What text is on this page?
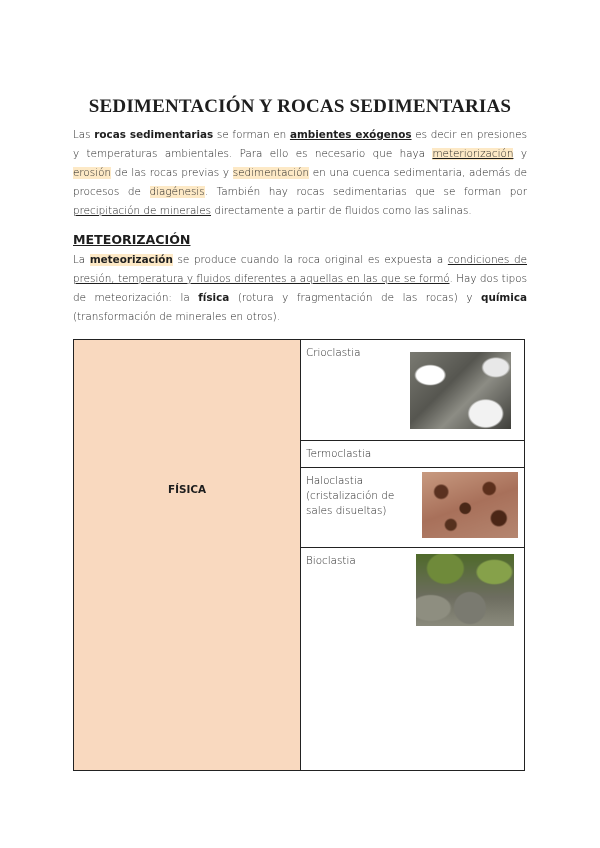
SEDIMENTACIÓN Y ROCAS SEDIMENTARIAS

Las rocas sedimentarias se forman en ambientes exógenos es decir en presiones y temperaturas ambientales. Para ello es necesario que haya meteriorización y erosión de las rocas previas y sedimentación en una cuenca sedimentaria, además de procesos de diagénesis. También hay rocas sedimentarias que se forman por precipitación de minerales directamente a partir de fluidos como las salinas.

METEORIZACIÓN

La meteorización se produce cuando la roca original es expuesta a condiciones de presión, temperatura y fluidos diferentes a aquellas en las que se formó. Hay dos tipos de meteorización: la física (rotura y fragmentación de las rocas) y química (transformación de minerales en otros).

FÍSICA
Crioclastia
Termoclastia
Haloclastia (cristalización de sales disueltas)
Bioclastia
